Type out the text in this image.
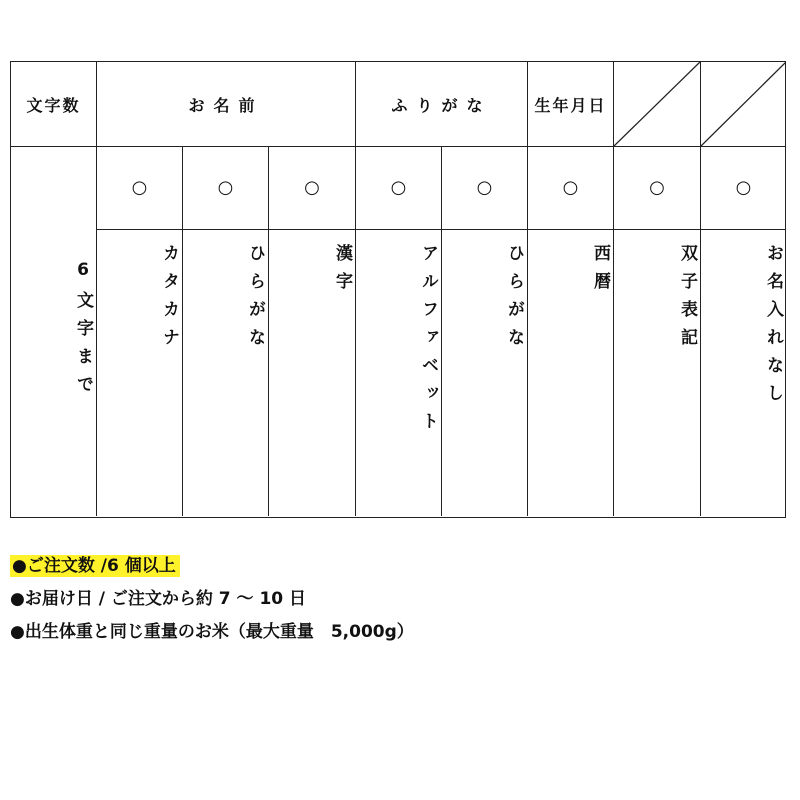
文字数	お名前	ふりがな	生年月日
6文字まで
○	○	○	○	○	○	○	○
カタカナ	ひらがな	漢字	アルファベット	ひらがな	西暦	双子表記	お名入れなし
●ご注文数 /6 個以上
●お届け日 / ご注文から約 7 ～ 10 日
●出生体重と同じ重量のお米（最大重量　5,000g）
